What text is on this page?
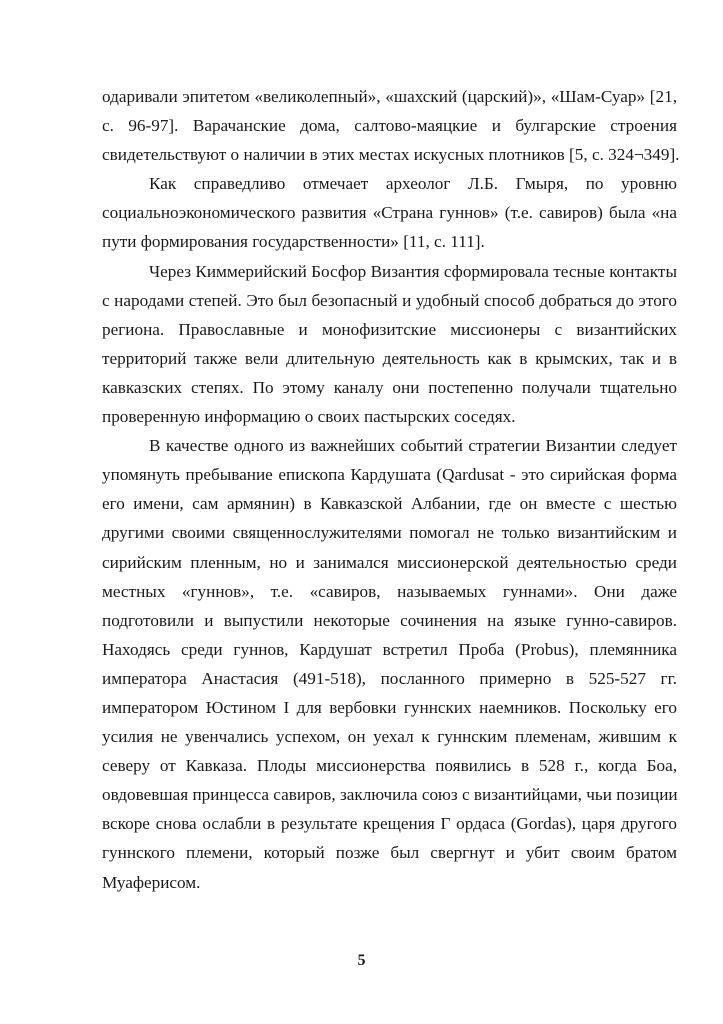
одаривали эпитетом «великолепный», «шахский (царский)», «Шам-Суар» [21,
с. 96-97]. Варачанские дома, салтово-маяцкие и булгарские строения
свидетельствуют о наличии в этих местах искусных плотников [5, с. 324¬349].
Как справедливо отмечает археолог Л.Б. Гмыря, по уровню
социальноэкономического развития «Страна гуннов» (т.е. савиров) была «на
пути формирования государственности» [11, с. 111].
Через Киммерийский Босфор Византия сформировала тесные контакты
с народами степей. Это был безопасный и удобный способ добраться до этого
региона. Православные и монофизитские миссионеры с византийских
территорий также вели длительную деятельность как в крымских, так и в
кавказских степях. По этому каналу они постепенно получали тщательно
проверенную информацию о своих пастырских соседях.
В качестве одного из важнейших событий стратегии Византии следует
упомянуть пребывание епископа Кардушата (Qardusat - это сирийская форма
его имени, сам армянин) в Кавказской Албании, где он вместе с шестью
другими своими священнослужителями помогал не только византийским и
сирийским пленным, но и занимался миссионерской деятельностью среди
местных «гуннов», т.е. «савиров, называемых гуннами». Они даже
подготовили и выпустили некоторые сочинения на языке гунно-савиров.
Находясь среди гуннов, Кардушат встретил Проба (Probus), племянника
императора Анастасия (491-518), посланного примерно в 525-527 гг.
императором Юстином I для вербовки гуннских наемников. Поскольку его
усилия не увенчались успехом, он уехал к гуннским племенам, жившим к
северу от Кавказа. Плоды миссионерства появились в 528 г., когда Боа,
овдовевшая принцесса савиров, заключила союз с византийцами, чьи позиции
вскоре снова ослабли в результате крещения Г ордаса (Gordas), царя другого
гуннского племени, который позже был свергнут и убит своим братом
Муаферисом.
5
